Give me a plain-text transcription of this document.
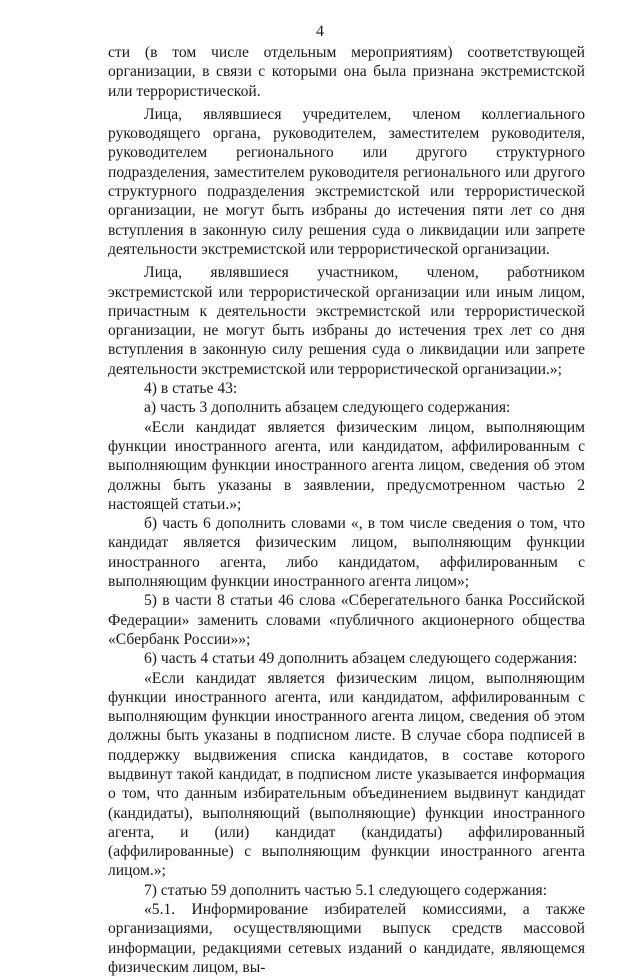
4

сти (в том числе отдельным мероприятиям) соответствующей организации, в связи с которыми она была признана экстремистской или террористической.

Лица, являвшиеся учредителем, членом коллегиального руководящего органа, руководителем, заместителем руководителя, руководителем регионального или другого структурного подразделения, заместителем руководителя регионального или другого структурного подразделения экстремистской или террористической организации, не могут быть избраны до истечения пяти лет со дня вступления в законную силу решения суда о ликвидации или запрете деятельности экстремистской или террористической организации.

Лица, являвшиеся участником, членом, работником экстремистской или террористической организации или иным лицом, причастным к деятельности экстремистской или террористической организации, не могут быть избраны до истечения трех лет со дня вступления в законную силу решения суда о ликвидации или запрете деятельности экстремистской или террористической организации.»;

4) в статье 43:

а) часть 3 дополнить абзацем следующего содержания:

«Если кандидат является физическим лицом, выполняющим функции иностранного агента, или кандидатом, аффилированным с выполняющим функции иностранного агента лицом, сведения об этом должны быть указаны в заявлении, предусмотренном частью 2 настоящей статьи.»;

б) часть 6 дополнить словами «, в том числе сведения о том, что кандидат является физическим лицом, выполняющим функции иностранного агента, либо кандидатом, аффилированным с выполняющим функции иностранного агента лицом»;

5) в части 8 статьи 46 слова «Сберегательного банка Российской Федерации» заменить словами «публичного акционерного общества «Сбербанк России»»;

6) часть 4 статьи 49 дополнить абзацем следующего содержания:

«Если кандидат является физическим лицом, выполняющим функции иностранного агента, или кандидатом, аффилированным с выполняющим функции иностранного агента лицом, сведения об этом должны быть указаны в подписном листе. В случае сбора подписей в поддержку выдвижения списка кандидатов, в составе которого выдвинут такой кандидат, в подписном листе указывается информация о том, что данным избирательным объединением выдвинут кандидат (кандидаты), выполняющий (выполняющие) функции иностранного агента, и (или) кандидат (кандидаты) аффилированный (аффилированные) с выполняющим функции иностранного агента лицом.»;

7) статью 59 дополнить частью 5.1 следующего содержания:

«5.1. Информирование избирателей комиссиями, а также организациями, осуществляющими выпуск средств массовой информации, редакциями сетевых изданий о кандидате, являющемся физическим лицом, вы-

·
